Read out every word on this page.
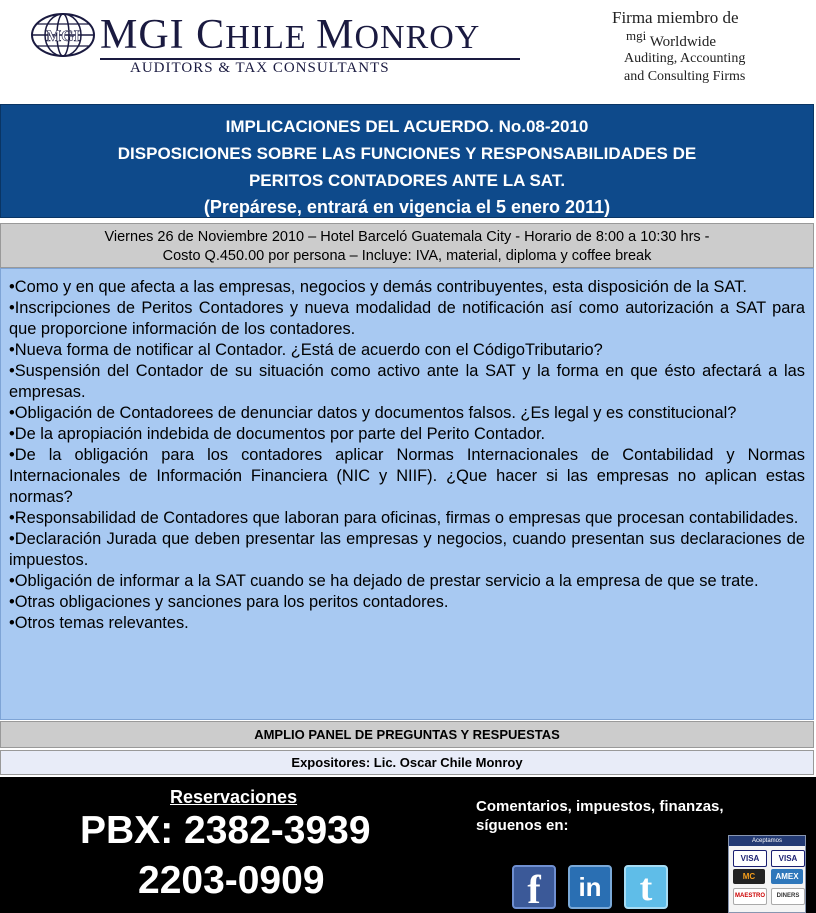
MGI MGI CHILE MONROY
AUDITORS & TAX CONSULTANTS
Firma miembro de
mgi Worldwide
Auditing, Accounting
and Consulting Firms
IMPLICACIONES DEL ACUERDO. No.08-2010
DISPOSICIONES SOBRE LAS FUNCIONES Y RESPONSABILIDADES DE
PERITOS CONTADORES ANTE LA SAT.
(Prepárese, entrará en vigencia el 5 enero 2011)
Viernes 26 de Noviembre 2010 – Hotel Barceló Guatemala City - Horario de 8:00 a 10:30 hrs -
Costo Q.450.00 por persona – Incluye: IVA, material, diploma y coffee break

•Como y en que afecta a las empresas, negocios y demás contribuyentes, esta disposición de la SAT.

•Inscripciones de Peritos Contadores y nueva modalidad de notificación así como autorización a SAT para que proporcione información de los contadores.

•Nueva forma de notificar al Contador. ¿Está de acuerdo con el CódigoTributario?

•Suspensión del Contador de su situación como activo ante la SAT y la forma en que ésto afectará a las empresas.

•Obligación de Contadorees de denunciar datos y documentos falsos. ¿Es legal y es constitucional?

•De la apropiación indebida de documentos por parte del Perito Contador.

•De la obligación para los contadores aplicar Normas Internacionales de Contabilidad y Normas Internacionales de Información Financiera (NIC y NIIF). ¿Que hacer si las empresas no aplican estas normas?

•Responsabilidad de Contadores que laboran para oficinas, firmas o empresas que procesan contabilidades.

•Declaración Jurada que deben presentar las empresas y negocios, cuando presentan sus declaraciones de impuestos.

•Obligación de informar a la SAT cuando se ha dejado de prestar servicio a la empresa de que se trate.

•Otras obligaciones y sanciones para los peritos contadores.

•Otros temas relevantes.

AMPLIO PANEL DE PREGUNTAS Y RESPUESTAS
Expositores: Lic. Oscar Chile Monroy
Reservaciones
PBX: 2382-3939
2203-0909
Comentarios, impuestos, finanzas, síguenos en:
f	in	t
Aceptamos
VISA	VISA
MC	AMEX
MAESTRO	DINERS
